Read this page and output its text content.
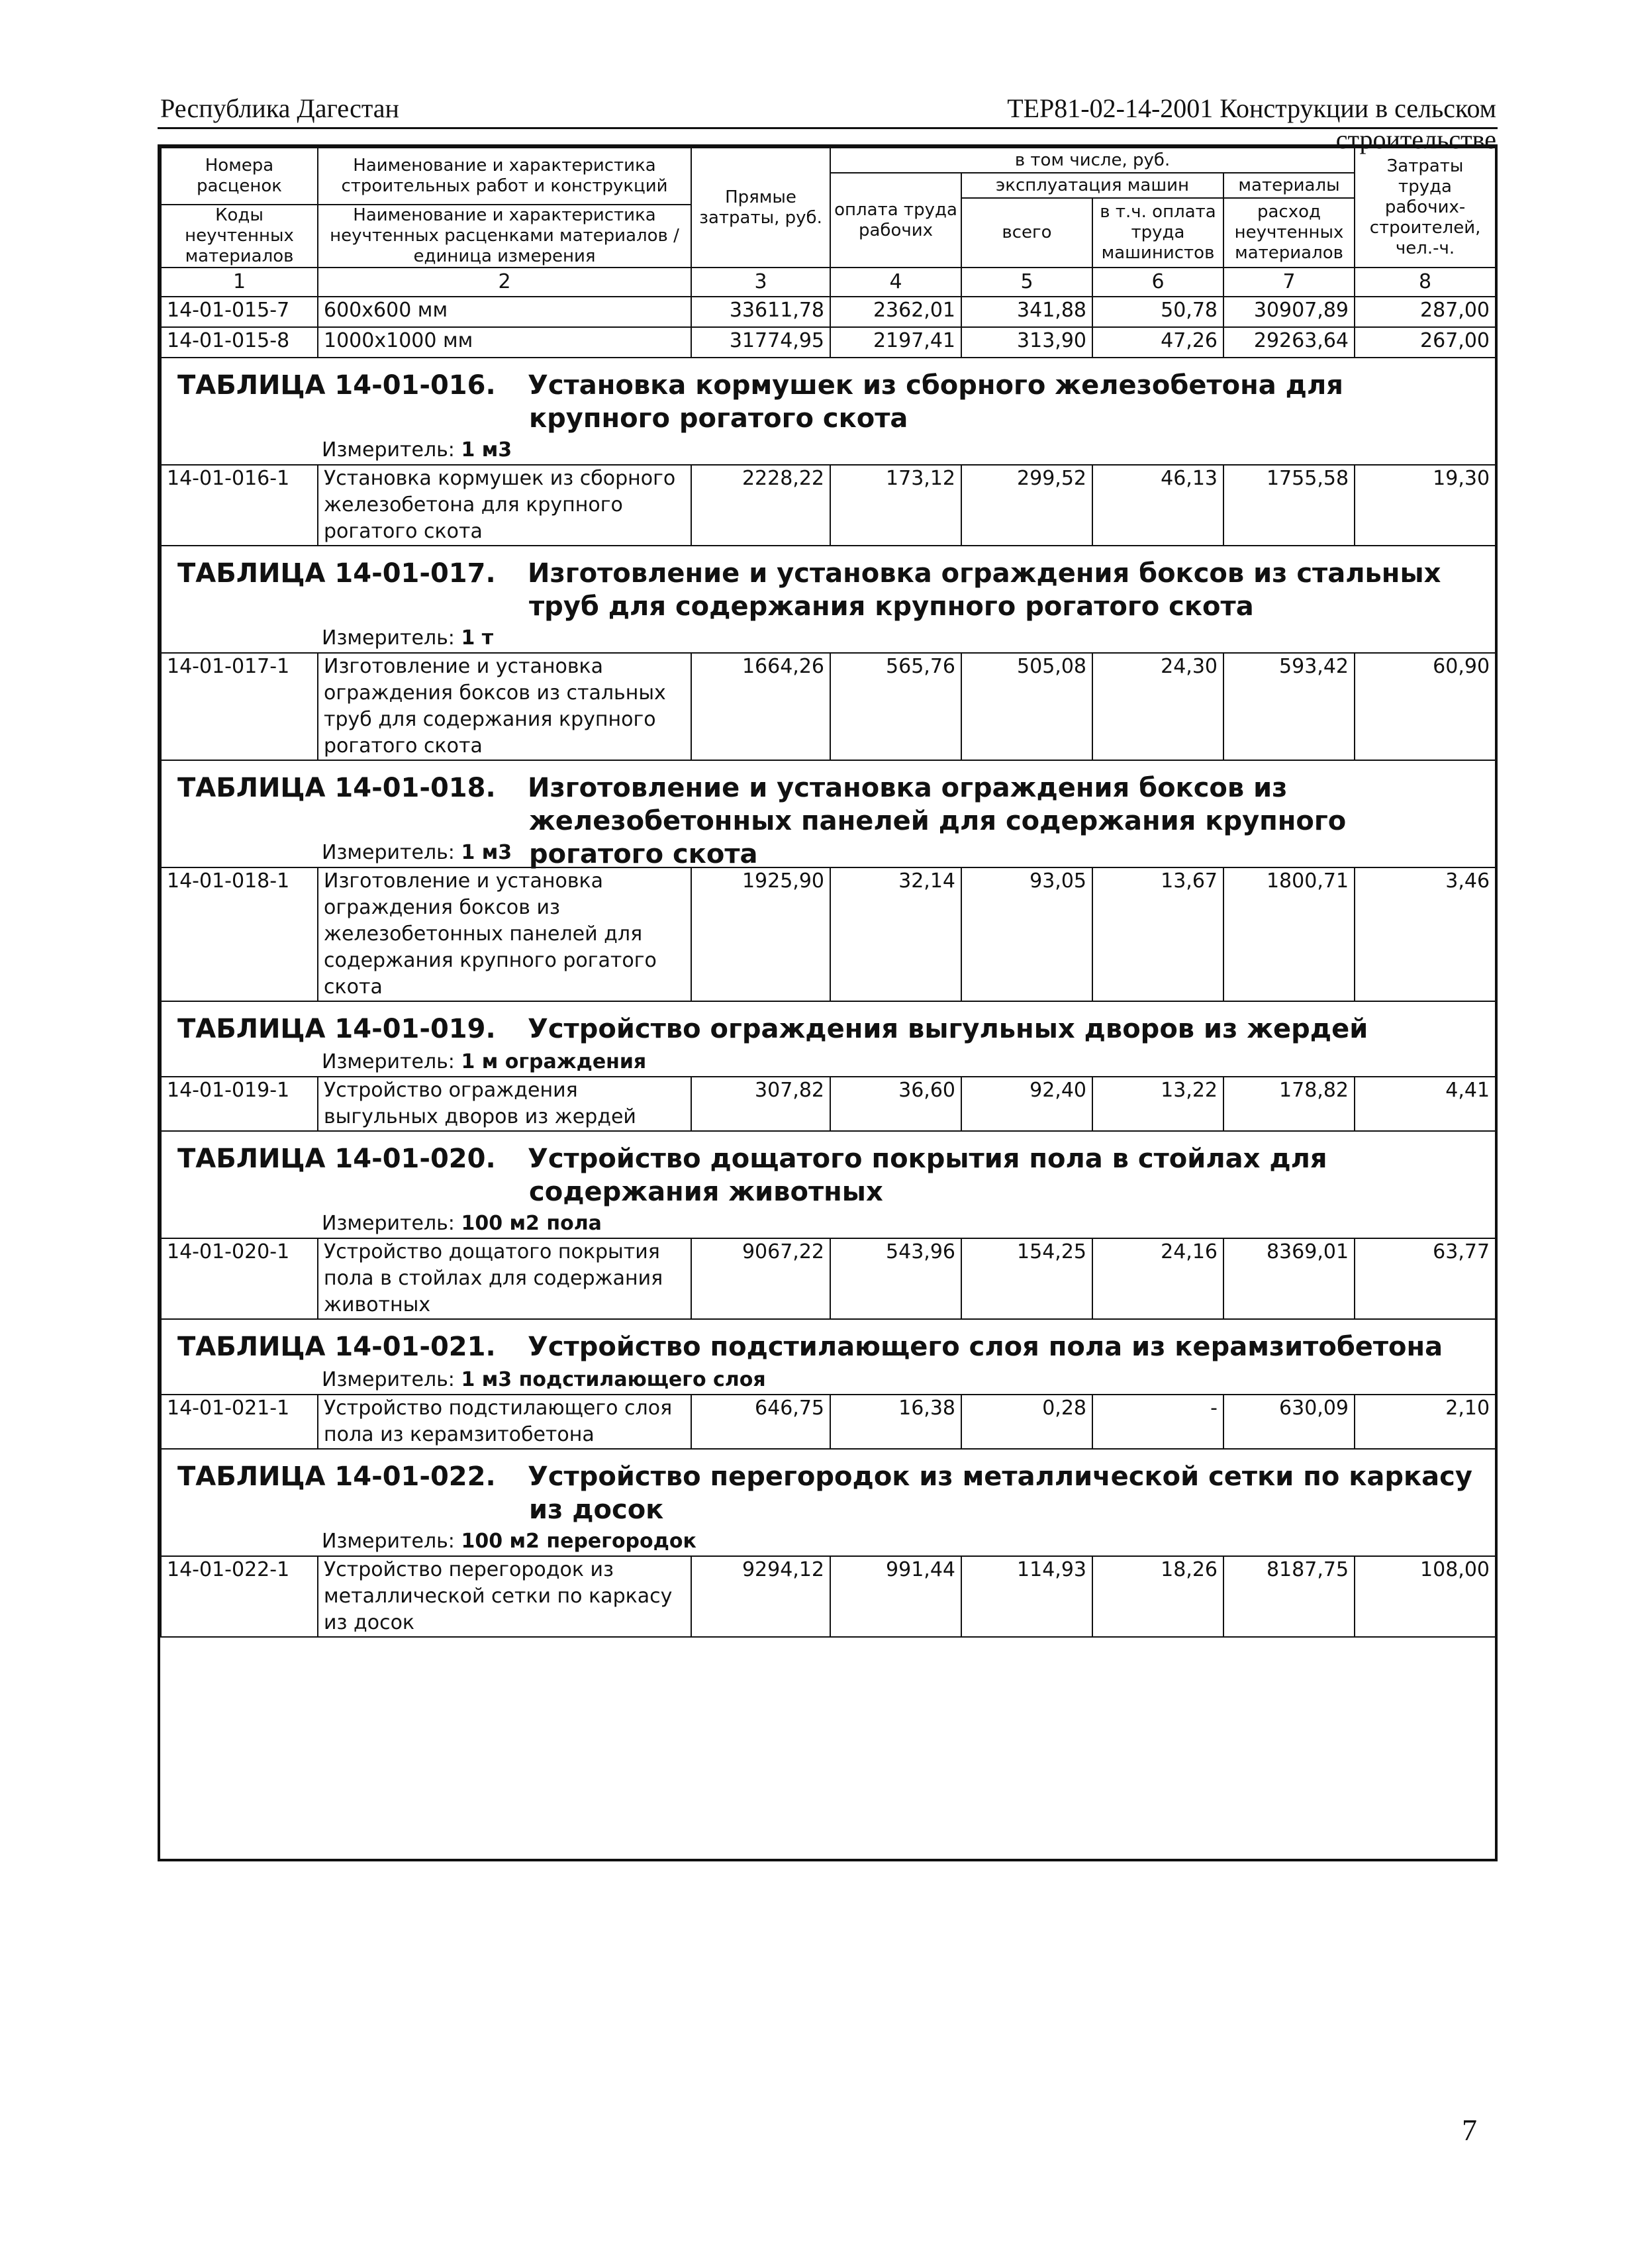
Республика Дагестан	ТЕР81-02-14-2001 Конструкции в сельском строительстве
Номера расценок	Наименование и характеристика строительных работ и конструкций	Прямые затраты, руб.	в том числе, руб.				Затраты труда рабочих-строителей, чел.-ч.
			оплата труда рабочих	эксплуатация машин		материалы	
				всего	в т.ч. оплата труда машинистов	расход неучтенных материалов	
Коды неучтенных материалов	Наименование и характеристика неучтенных расценками материалов / единица измерения						

1	2	3	4	5	6	7	8
14-01-015-7	600х600 мм	33611,78	2362,01	341,88	50,78	30907,89	287,00
14-01-015-8	1000х1000 мм	31774,95	2197,41	313,90	47,26	29263,64	267,00

ТАБЛИЦА 14-01-016. Установка кормушек из сборного железобетона для крупного рогатого скота							

Измеритель: 1 м3							

14-01-016-1	Установка кормушек из сборного железобетона для крупного рогатого скота	2228,22	173,12	299,52	46,13	1755,58	19,30

ТАБЛИЦА 14-01-017. Изготовление и установка ограждения боксов из стальных труб для содержания крупного рогатого скота							

Измеритель: 1 т							

14-01-017-1	Изготовление и установка ограждения боксов из стальных труб для содержания крупного рогатого скота	1664,26	565,76	505,08	24,30	593,42	60,90

ТАБЛИЦА 14-01-018. Изготовление и установка ограждения боксов из железобетонных панелей для содержания крупного рогатого скота							

Измеритель: 1 м3							

14-01-018-1	Изготовление и установка ограждения боксов из железобетонных панелей для содержания крупного рогатого скота	1925,90	32,14	93,05	13,67	1800,71	3,46

ТАБЛИЦА 14-01-019. Устройство ограждения выгульных дворов из жердей							

Измеритель: 1 м ограждения							

14-01-019-1	Устройство ограждения выгульных дворов из жердей	307,82	36,60	92,40	13,22	178,82	4,41

ТАБЛИЦА 14-01-020. Устройство дощатого покрытия пола в стойлах для содержания животных							

Измеритель: 100 м2 пола							

14-01-020-1	Устройство дощатого покрытия пола в стойлах для содержания животных	9067,22	543,96	154,25	24,16	8369,01	63,77

ТАБЛИЦА 14-01-021. Устройство подстилающего слоя пола из керамзитобетона							

Измеритель: 1 м3 подстилающего слоя							

14-01-021-1	Устройство подстилающего слоя пола из керамзитобетона	646,75	16,38	0,28	-	630,09	2,10

ТАБЛИЦА 14-01-022. Устройство перегородок из металлической сетки по каркасу из досок							

Измеритель: 100 м2 перегородок							

14-01-022-1	Устройство перегородок из металлической сетки по каркасу из досок	9294,12	991,44	114,93	18,26	8187,75	108,00
7
